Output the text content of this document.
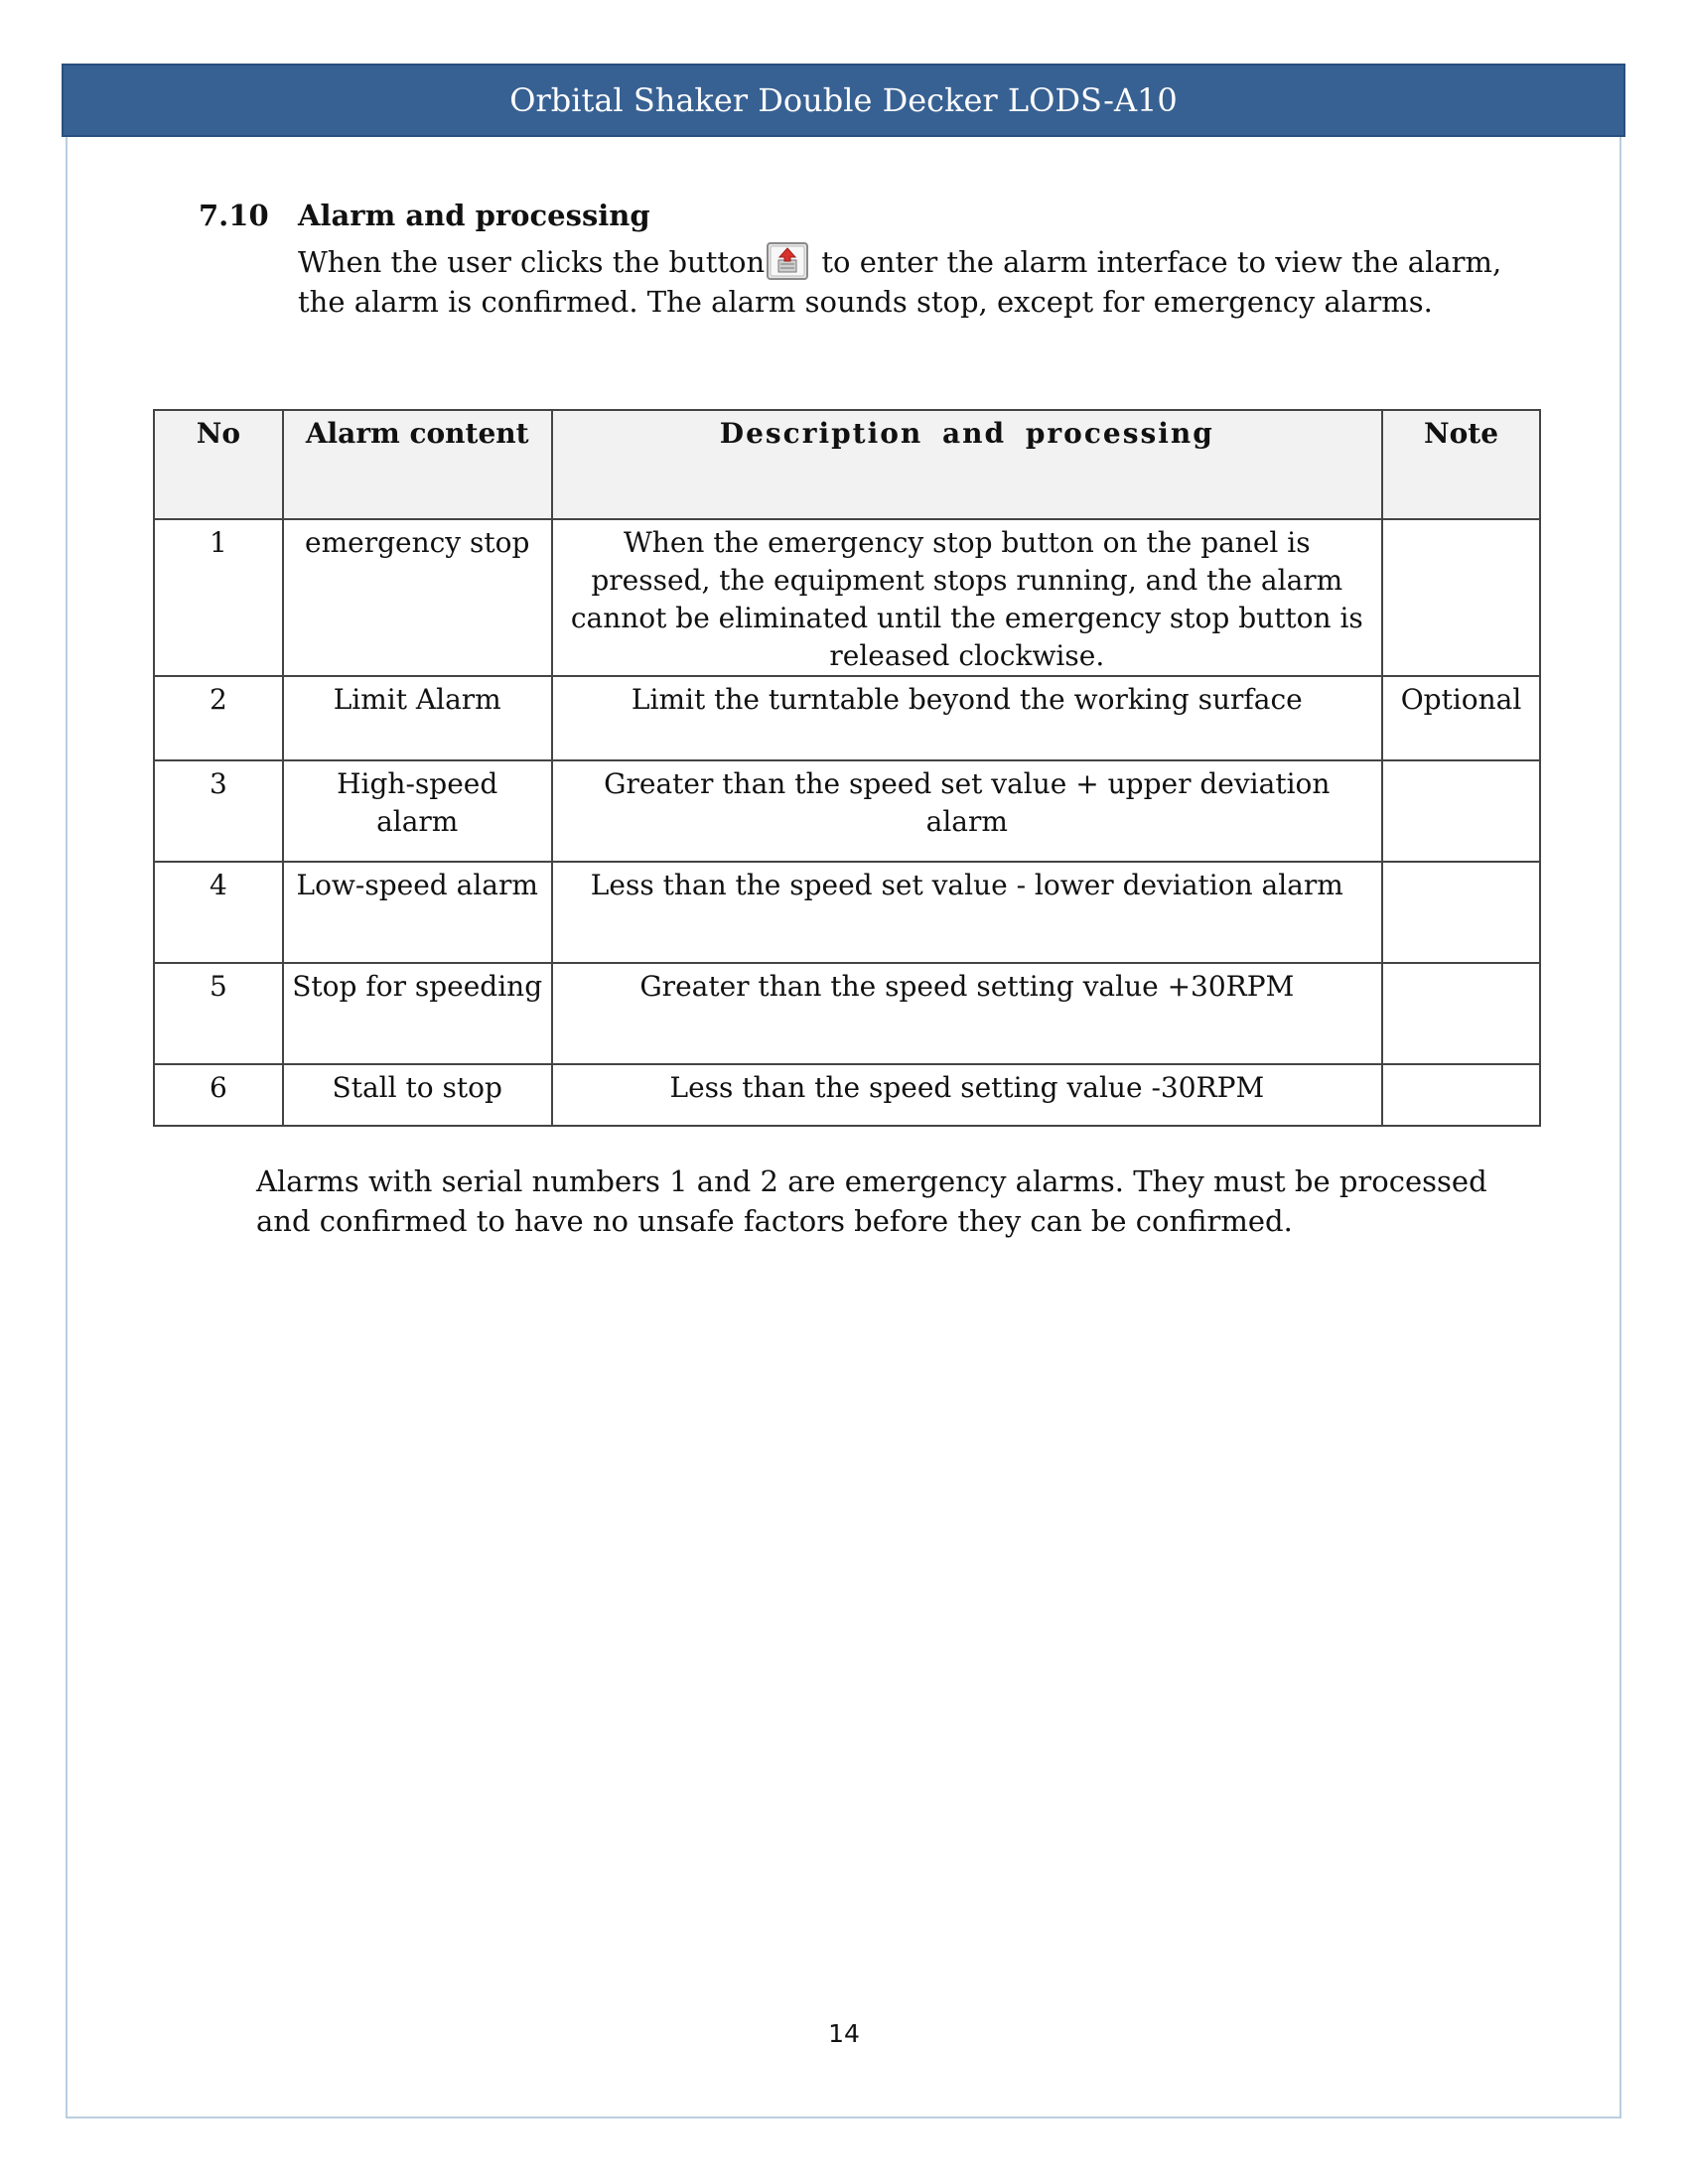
Orbital Shaker Double Decker LODS-A10
7.10 Alarm and processing
When the user clicks the button to enter the alarm interface to view the alarm, the alarm is confirmed. The alarm sounds stop, except for emergency alarms.
No	Alarm content	Description and processing	Note
1	emergency stop	When the emergency stop button on the panel is pressed, the equipment stops running, and the alarm cannot be eliminated until the emergency stop button is released clockwise.	
2	Limit Alarm	Limit the turntable beyond the working surface	Optional
3	High-speed alarm	Greater than the speed set value + upper deviation alarm	
4	Low-speed alarm	Less than the speed set value - lower deviation alarm	
5	Stop for speeding	Greater than the speed setting value +30RPM	
6	Stall to stop	Less than the speed setting value -30RPM	
Alarms with serial numbers 1 and 2 are emergency alarms. They must be processed and confirmed to have no unsafe factors before they can be confirmed.
14
